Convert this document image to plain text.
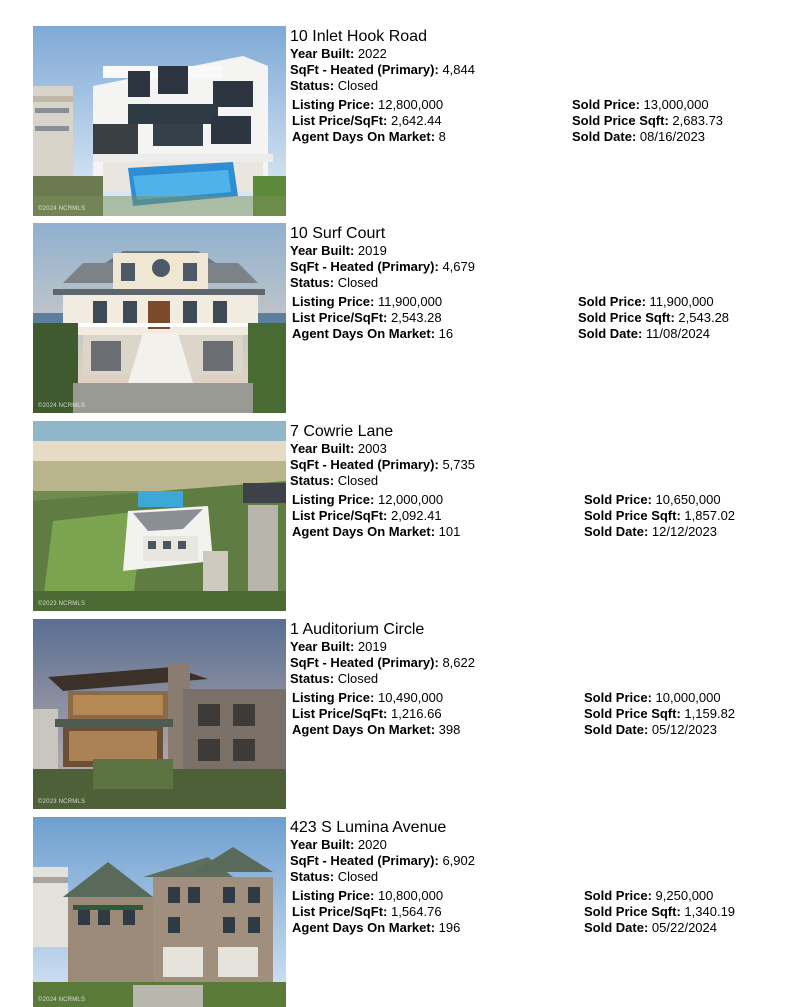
©2024 NCRMLS
10 Inlet Hook Road
Year Built: 2022
SqFt - Heated (Primary): 4,844
Status: Closed
Listing Price: 12,800,000
List Price/SqFt: 2,642.44
Agent Days On Market: 8
Sold Price: 13,000,000
Sold Price Sqft: 2,683.73
Sold Date: 08/16/2023
©2024 NCRMLS
10 Surf Court
Year Built: 2019
SqFt - Heated (Primary): 4,679
Status: Closed
Listing Price: 11,900,000
List Price/SqFt: 2,543.28
Agent Days On Market: 16
Sold Price: 11,900,000
Sold Price Sqft: 2,543.28
Sold Date: 11/08/2024
©2023 NCRMLS
7 Cowrie Lane
Year Built: 2003
SqFt - Heated (Primary): 5,735
Status: Closed
Listing Price: 12,000,000
List Price/SqFt: 2,092.41
Agent Days On Market: 101
Sold Price: 10,650,000
Sold Price Sqft: 1,857.02
Sold Date: 12/12/2023
©2023 NCRMLS
1 Auditorium Circle
Year Built: 2019
SqFt - Heated (Primary): 8,622
Status: Closed
Listing Price: 10,490,000
List Price/SqFt: 1,216.66
Agent Days On Market: 398
Sold Price: 10,000,000
Sold Price Sqft: 1,159.82
Sold Date: 05/12/2023
©2024 NCRMLS
423 S Lumina Avenue
Year Built: 2020
SqFt - Heated (Primary): 6,902
Status: Closed
Listing Price: 10,800,000
List Price/SqFt: 1,564.76
Agent Days On Market: 196
Sold Price: 9,250,000
Sold Price Sqft: 1,340.19
Sold Date: 05/22/2024
